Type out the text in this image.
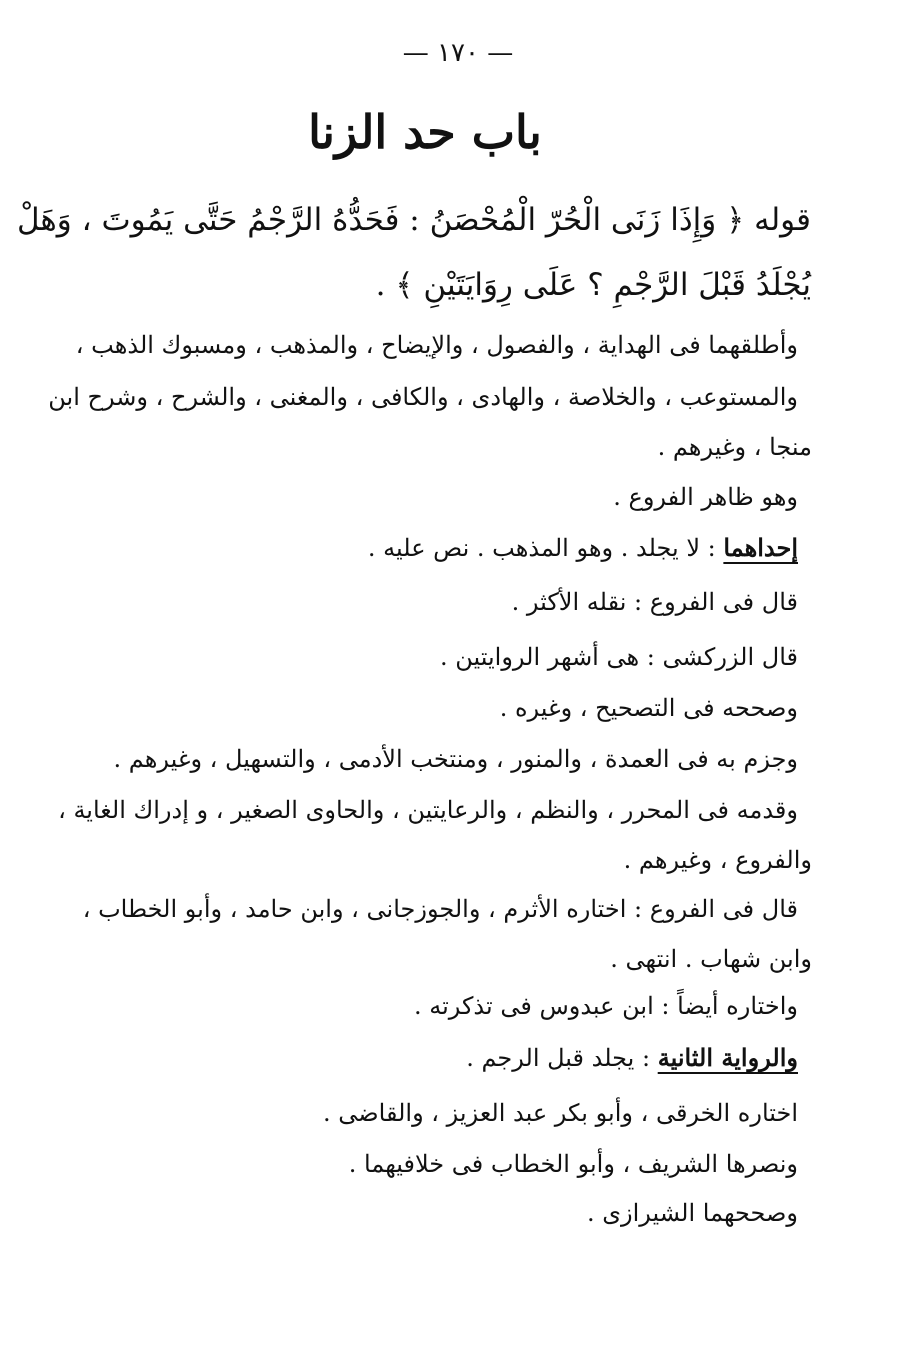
— ١٧٠ —
باب حد الزنا
قوله ﴿ وَإِذَا زَنَى الْحُرّ الْمُحْصَنُ : فَحَدُّهُ الرَّجْمُ حَتَّى يَمُوتَ ، وَهَلْ
يُجْلَدُ قَبْلَ الرَّجْمِ ؟ عَلَى رِوَايَتَيْنِ ﴾ .
وأطلقهما فى الهداية ، والفصول ، والإيضاح ، والمذهب ، ومسبوك الذهب ،
والمستوعب ، والخلاصة ، والهادى ، والكافى ، والمغنى ، والشرح ، وشرح ابن
منجا ، وغيرهم .
وهو ظاهر الفروع .
إحداهما : لا يجلد . وهو المذهب . نص عليه .
قال فى الفروع : نقله الأكثر .
قال الزركشى : هى أشهر الروايتين .
وصححه فى التصحيح ، وغيره .
وجزم به فى العمدة ، والمنور ، ومنتخب الأدمى ، والتسهيل ، وغيرهم .
وقدمه فى المحرر ، والنظم ، والرعايتين ، والحاوى الصغير ، و إدراك الغاية ،
والفروع ، وغيرهم .
قال فى الفروع : اختاره الأثرم ، والجوزجانى ، وابن حامد ، وأبو الخطاب ،
وابن شهاب . انتهى .
واختاره أيضاً : ابن عبدوس فى تذكرته .
والرواية الثانية : يجلد قبل الرجم .
اختاره الخرقى ، وأبو بكر عبد العزيز ، والقاضى .
ونصرها الشريف ، وأبو الخطاب فى خلافيهما .
وصححهما الشيرازى .
